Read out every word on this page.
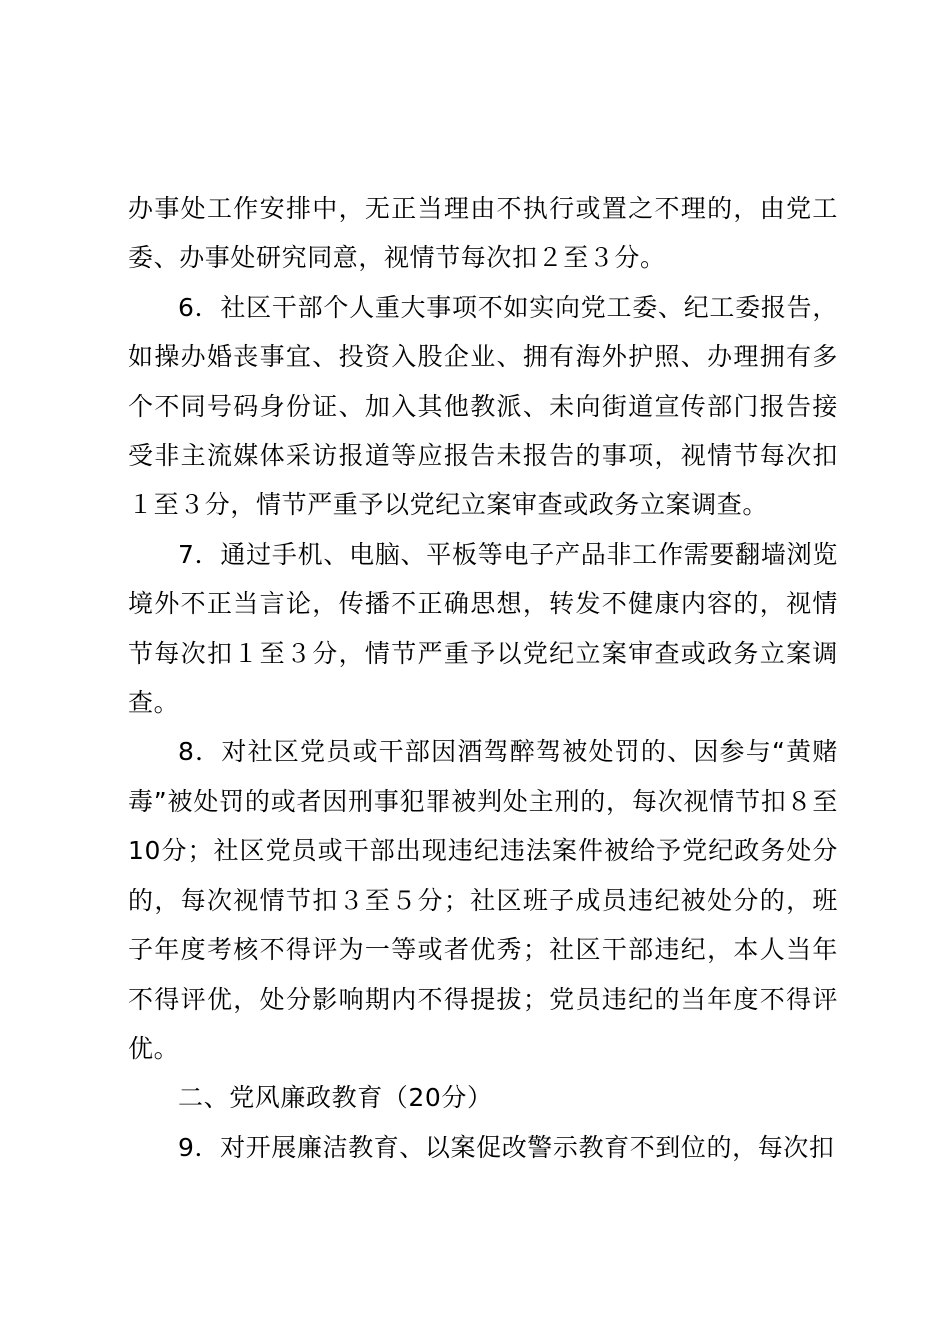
办事处工作安排中，无正当理由不执行或置之不理的，由党工委、办事处研究同意，视情节每次扣２至３分。

6．社区干部个人重大事项不如实向党工委、纪工委报告，如操办婚丧事宜、投资入股企业、拥有海外护照、办理拥有多个不同号码身份证、加入其他教派、未向街道宣传部门报告接受非主流媒体采访报道等应报告未报告的事项，视情节每次扣１至３分，情节严重予以党纪立案审查或政务立案调查。

7．通过手机、电脑、平板等电子产品非工作需要翻墙浏览境外不正当言论，传播不正确思想，转发不健康内容的，视情节每次扣１至３分，情节严重予以党纪立案审查或政务立案调查。

8．对社区党员或干部因酒驾醉驾被处罚的、因参与“黄赌毒”被处罚的或者因刑事犯罪被判处主刑的，每次视情节扣８至10分；社区党员或干部出现违纪违法案件被给予党纪政务处分的，每次视情节扣３至５分；社区班子成员违纪被处分的，班子年度考核不得评为一等或者优秀；社区干部违纪，本人当年不得评优，处分影响期内不得提拔；党员违纪的当年度不得评优。

二、党风廉政教育（20分）

9．对开展廉洁教育、以案促改警示教育不到位的，每次扣
